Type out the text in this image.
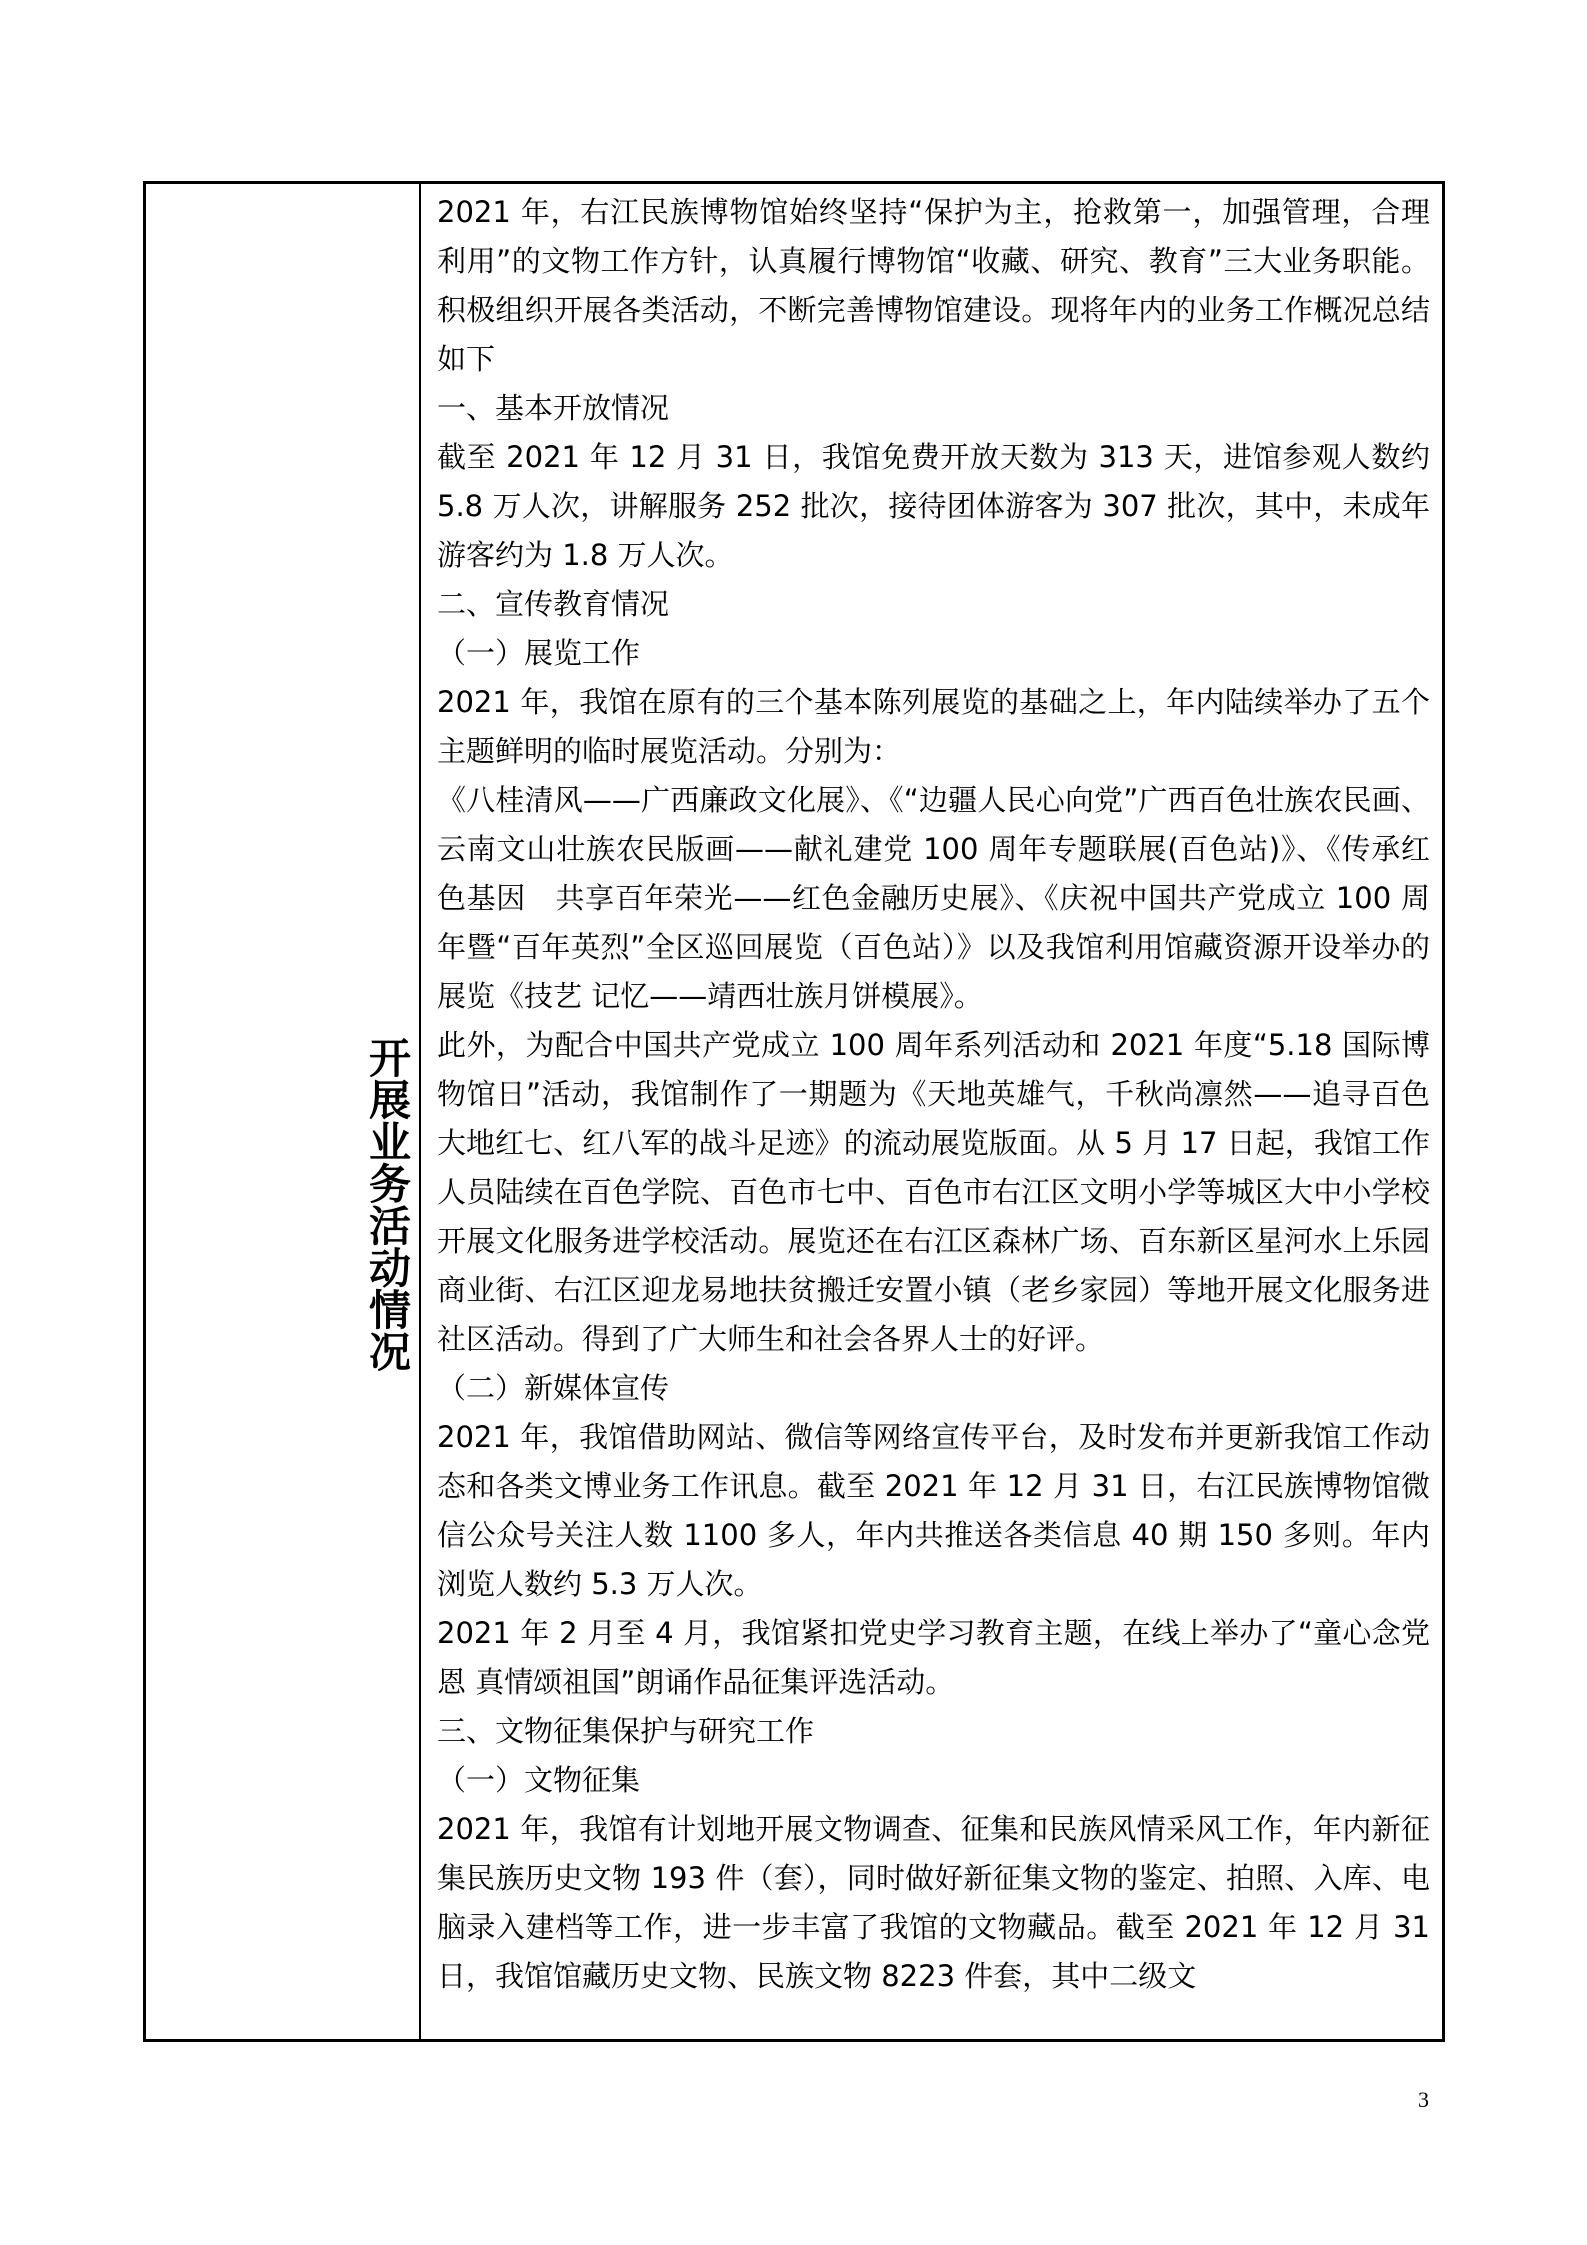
开展业务活动情况

2021 年，右江民族博物馆始终坚持“保护为主，抢救第一，加强管理，合理利用”的文物工作方针，认真履行博物馆“收藏、研究、教育”三大业务职能。积极组织开展各类活动，不断完善博物馆建设。现将年内的业务工作概况总结如下

一、基本开放情况

截至 2021 年 12 月 31 日，我馆免费开放天数为 313 天，进馆参观人数约 5.8 万人次，讲解服务 252 批次，接待团体游客为 307 批次，其中，未成年游客约为 1.8 万人次。

二、宣传教育情况

（一）展览工作

2021 年，我馆在原有的三个基本陈列展览的基础之上，年内陆续举办了五个主题鲜明的临时展览活动。分别为：

《八桂清风——广西廉政文化展》、《“边疆人民心向党”广西百色壮族农民画、云南文山壮族农民版画——献礼建党 100 周年专题联展(百色站)》、《传承红色基因　共享百年荣光——红色金融历史展》、《庆祝中国共产党成立 100 周年暨“百年英烈”全区巡回展览（百色站）》以及我馆利用馆藏资源开设举办的展览《技艺 记忆——靖西壮族月饼模展》。

此外，为配合中国共产党成立 100 周年系列活动和 2021 年度“5.18 国际博物馆日”活动，我馆制作了一期题为《天地英雄气，千秋尚凛然——追寻百色大地红七、红八军的战斗足迹》的流动展览版面。从 5 月 17 日起，我馆工作人员陆续在百色学院、百色市七中、百色市右江区文明小学等城区大中小学校开展文化服务进学校活动。展览还在右江区森林广场、百东新区星河水上乐园商业街、右江区迎龙易地扶贫搬迁安置小镇（老乡家园）等地开展文化服务进社区活动。得到了广大师生和社会各界人士的好评。

（二）新媒体宣传

2021 年，我馆借助网站、微信等网络宣传平台，及时发布并更新我馆工作动态和各类文博业务工作讯息。截至 2021 年 12 月 31 日，右江民族博物馆微信公众号关注人数 1100 多人，年内共推送各类信息 40 期 150 多则。年内浏览人数约 5.3 万人次。

2021 年 2 月至 4 月，我馆紧扣党史学习教育主题，在线上举办了“童心念党恩 真情颂祖国”朗诵作品征集评选活动。

三、文物征集保护与研究工作

（一）文物征集

2021 年，我馆有计划地开展文物调查、征集和民族风情采风工作，年内新征集民族历史文物 193 件（套），同时做好新征集文物的鉴定、拍照、入库、电脑录入建档等工作，进一步丰富了我馆的文物藏品。截至 2021 年 12 月 31 日，我馆馆藏历史文物、民族文物 8223 件套，其中二级文

3
